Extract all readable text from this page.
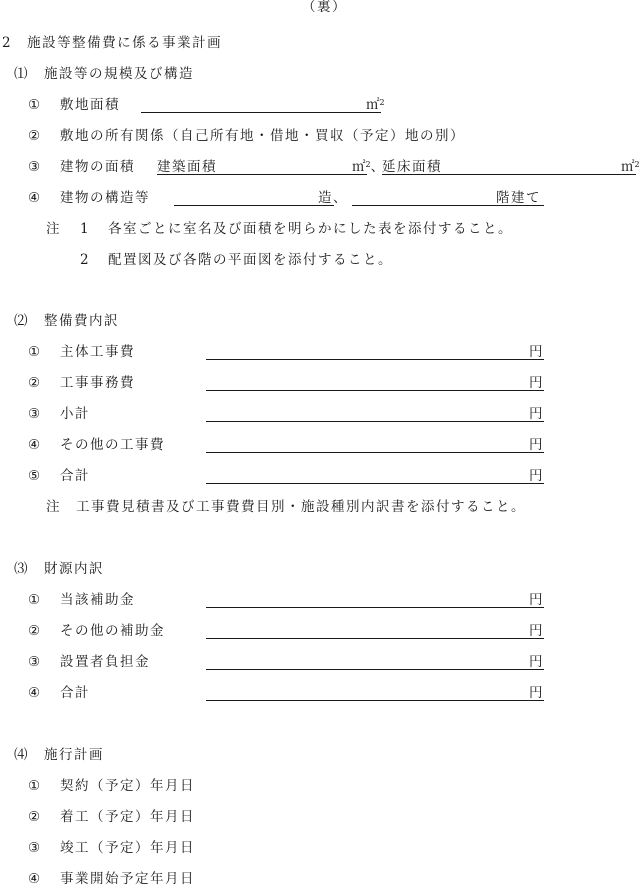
（裏）
2　施設等整備費に係る事業計画
⑴　施設等の規模及び構造
① 敷地面積	㎡$^2$
② 敷地の所有関係（自己所有地・借地・買収（予定）地の別）
③ 建物の面積 建築面積	㎡$^2$、
延床面積	㎡$^2$
④ 建物の構造等	造、	階建て
注 1 各室ごとに室名及び面積を明らかにした表を添付すること。
2 配置図及び各階の平面図を添付すること。
⑵　整備費内訳
① 主体工事費	円
② 工事事務費	円
③ 小計	円
④ その他の工事費	円
⑤ 合計	円
注 工事費見積書及び工事費費目別・施設種別内訳書を添付すること。
⑶　財源内訳
① 当該補助金	円
② その他の補助金	円
③ 設置者負担金	円
④ 合計	円
⑷　施行計画
① 契約（予定）年月日
② 着工（予定）年月日
③ 竣工（予定）年月日
④ 事業開始予定年月日
